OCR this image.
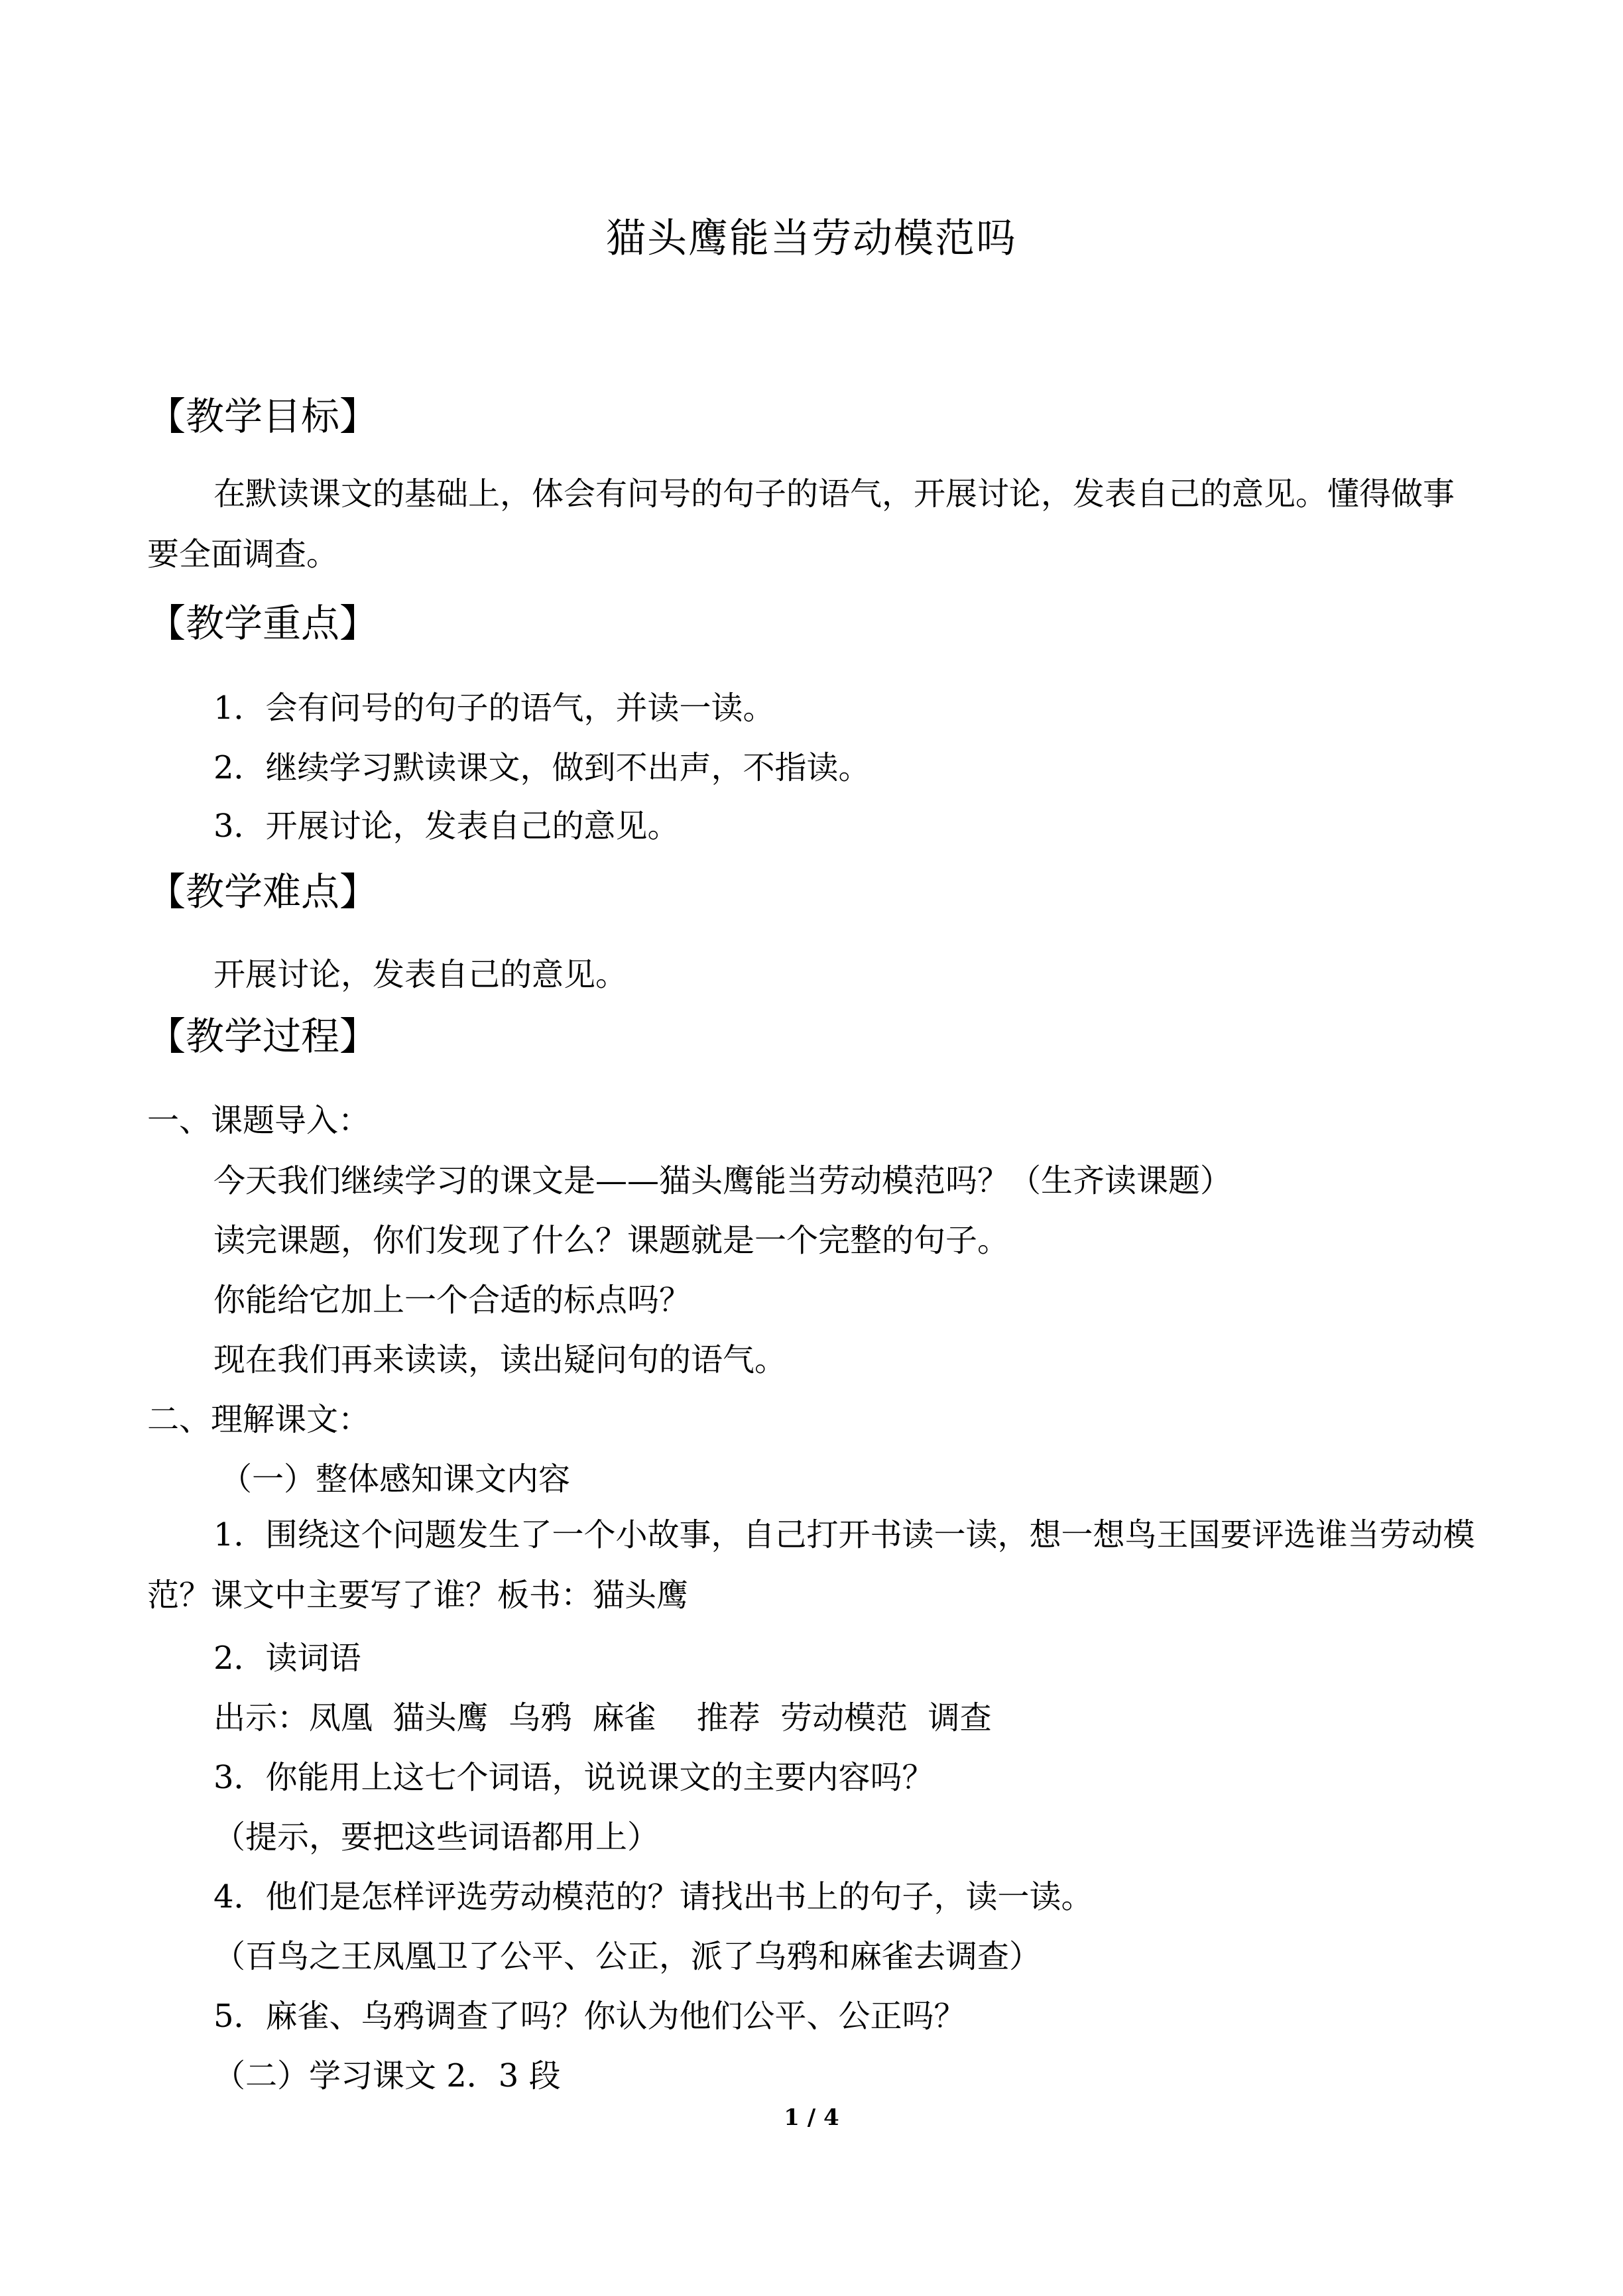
猫头鹰能当劳动模范吗
【教学目标】
在默读课文的基础上，体会有问号的句子的语气，开展讨论，发表自己的意见。懂得做事要全面调查。
【教学重点】
1．会有问号的句子的语气，并读一读。
2．继续学习默读课文，做到不出声，不指读。
3．开展讨论，发表自己的意见。
【教学难点】
开展讨论，发表自己的意见。
【教学过程】
一、课题导入：
今天我们继续学习的课文是——猫头鹰能当劳动模范吗？（生齐读课题）
读完课题，你们发现了什么？课题就是一个完整的句子。
你能给它加上一个合适的标点吗？
现在我们再来读读，读出疑问句的语气。
二、理解课文：
（一）整体感知课文内容
1．围绕这个问题发生了一个小故事，自己打开书读一读，想一想鸟王国要评选谁当劳动模范？课文中主要写了谁？板书：猫头鹰
2．读词语
出示：凤凰  猫头鹰  乌鸦  麻雀    推荐  劳动模范  调查
3．你能用上这七个词语，说说课文的主要内容吗？
（提示，要把这些词语都用上）
4．他们是怎样评选劳动模范的？请找出书上的句子，读一读。
（百鸟之王凤凰卫了公平、公正，派了乌鸦和麻雀去调查）
5．麻雀、乌鸦调查了吗？你认为他们公平、公正吗？
（二）学习课文 2．3 段
1 / 4
